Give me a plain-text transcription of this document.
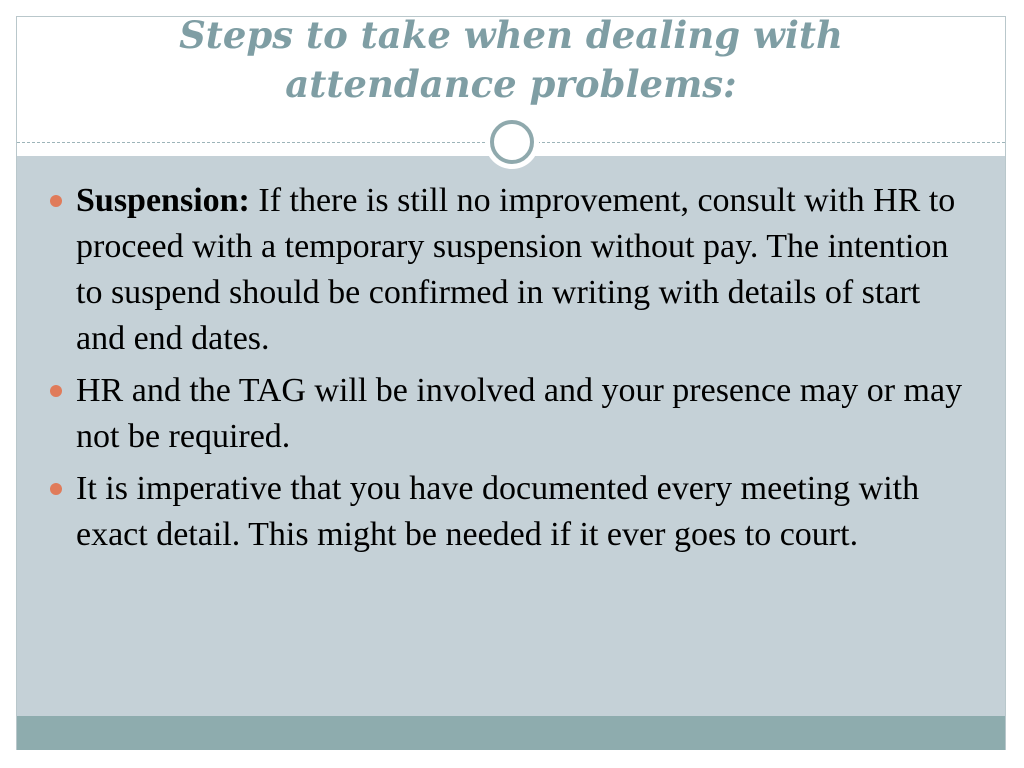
Steps to take when dealing with attendance problems:
Suspension: If there is still no improvement, consult with HR to proceed with a temporary suspension without pay. The intention to suspend should be confirmed in writing with details of start and end dates.
HR and the TAG will be involved and your presence may or may not be required.
It is imperative that you have documented every meeting with exact detail. This might be needed if it ever goes to court.
